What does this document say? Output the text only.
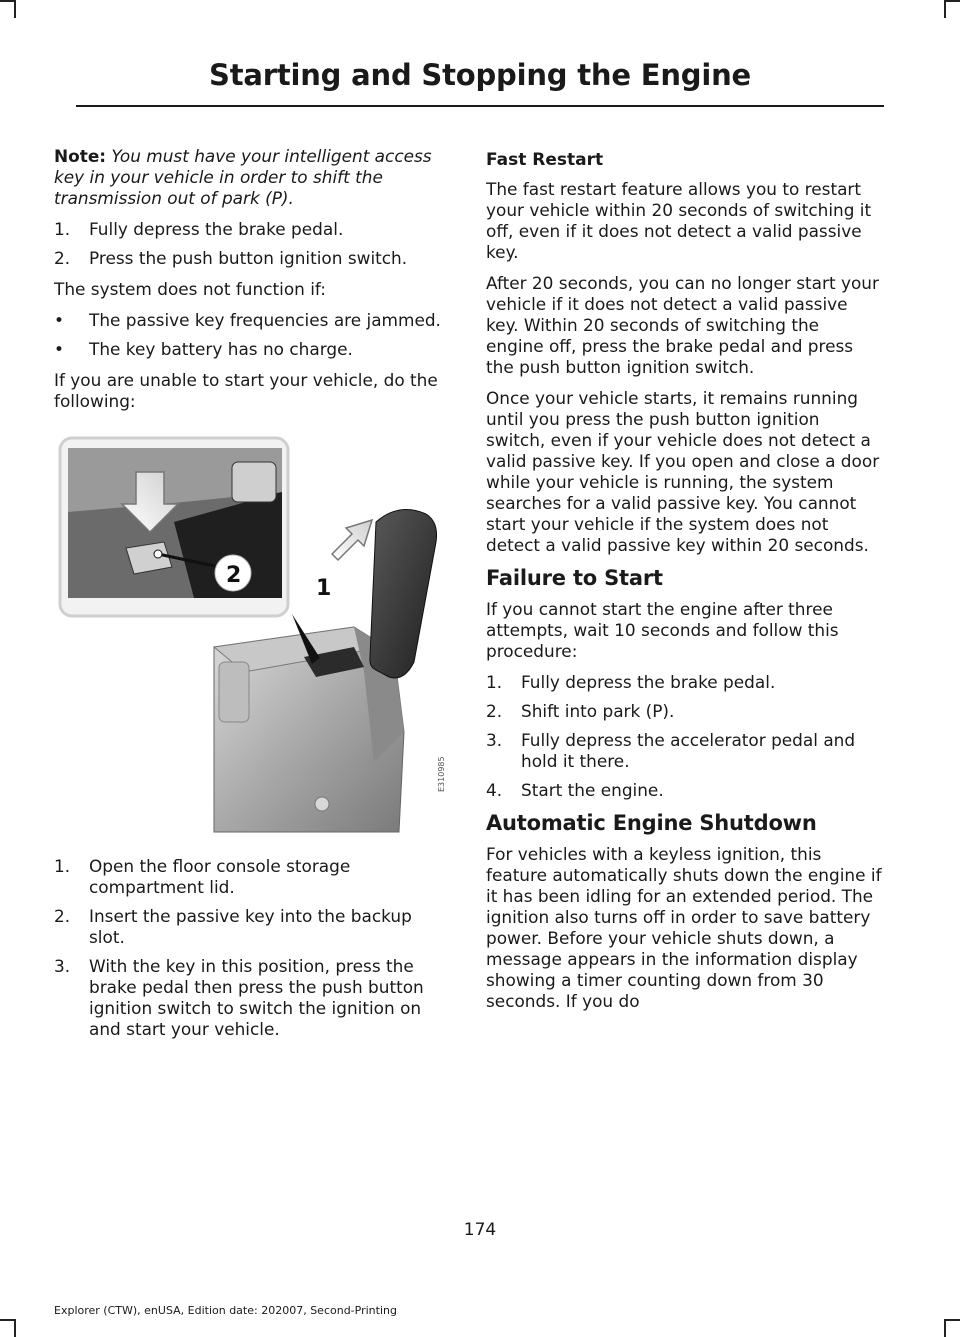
Starting and Stopping the Engine

Note: You must have your intelligent access key in your vehicle in order to shift the transmission out of park (P).

1. Fully depress the brake pedal.
2. Press the push button ignition switch.

The system does not function if:

• The passive key frequencies are jammed.
• The key battery has no charge.

If you are unable to start your vehicle, do the following:

1
2
E310985
1. Open the floor console storage compartment lid.
2. Insert the passive key into the backup slot.
3. With the key in this position, press the brake pedal then press the push button ignition switch to switch the ignition on and start your vehicle.
Fast Restart

The fast restart feature allows you to restart your vehicle within 20 seconds of switching it off, even if it does not detect a valid passive key.

After 20 seconds, you can no longer start your vehicle if it does not detect a valid passive key. Within 20 seconds of switching the engine off, press the brake pedal and press the push button ignition switch.

Once your vehicle starts, it remains running until you press the push button ignition switch, even if your vehicle does not detect a valid passive key. If you open and close a door while your vehicle is running, the system searches for a valid passive key. You cannot start your vehicle if the system does not detect a valid passive key within 20 seconds.

Failure to Start

If you cannot start the engine after three attempts, wait 10 seconds and follow this procedure:

1. Fully depress the brake pedal.
2. Shift into park (P).
3. Fully depress the accelerator pedal and hold it there.
4. Start the engine.
Automatic Engine Shutdown

For vehicles with a keyless ignition, this feature automatically shuts down the engine if it has been idling for an extended period. The ignition also turns off in order to save battery power. Before your vehicle shuts down, a message appears in the information display showing a timer counting down from 30 seconds. If you do

174
Explorer (CTW), enUSA, Edition date: 202007, Second-Printing
